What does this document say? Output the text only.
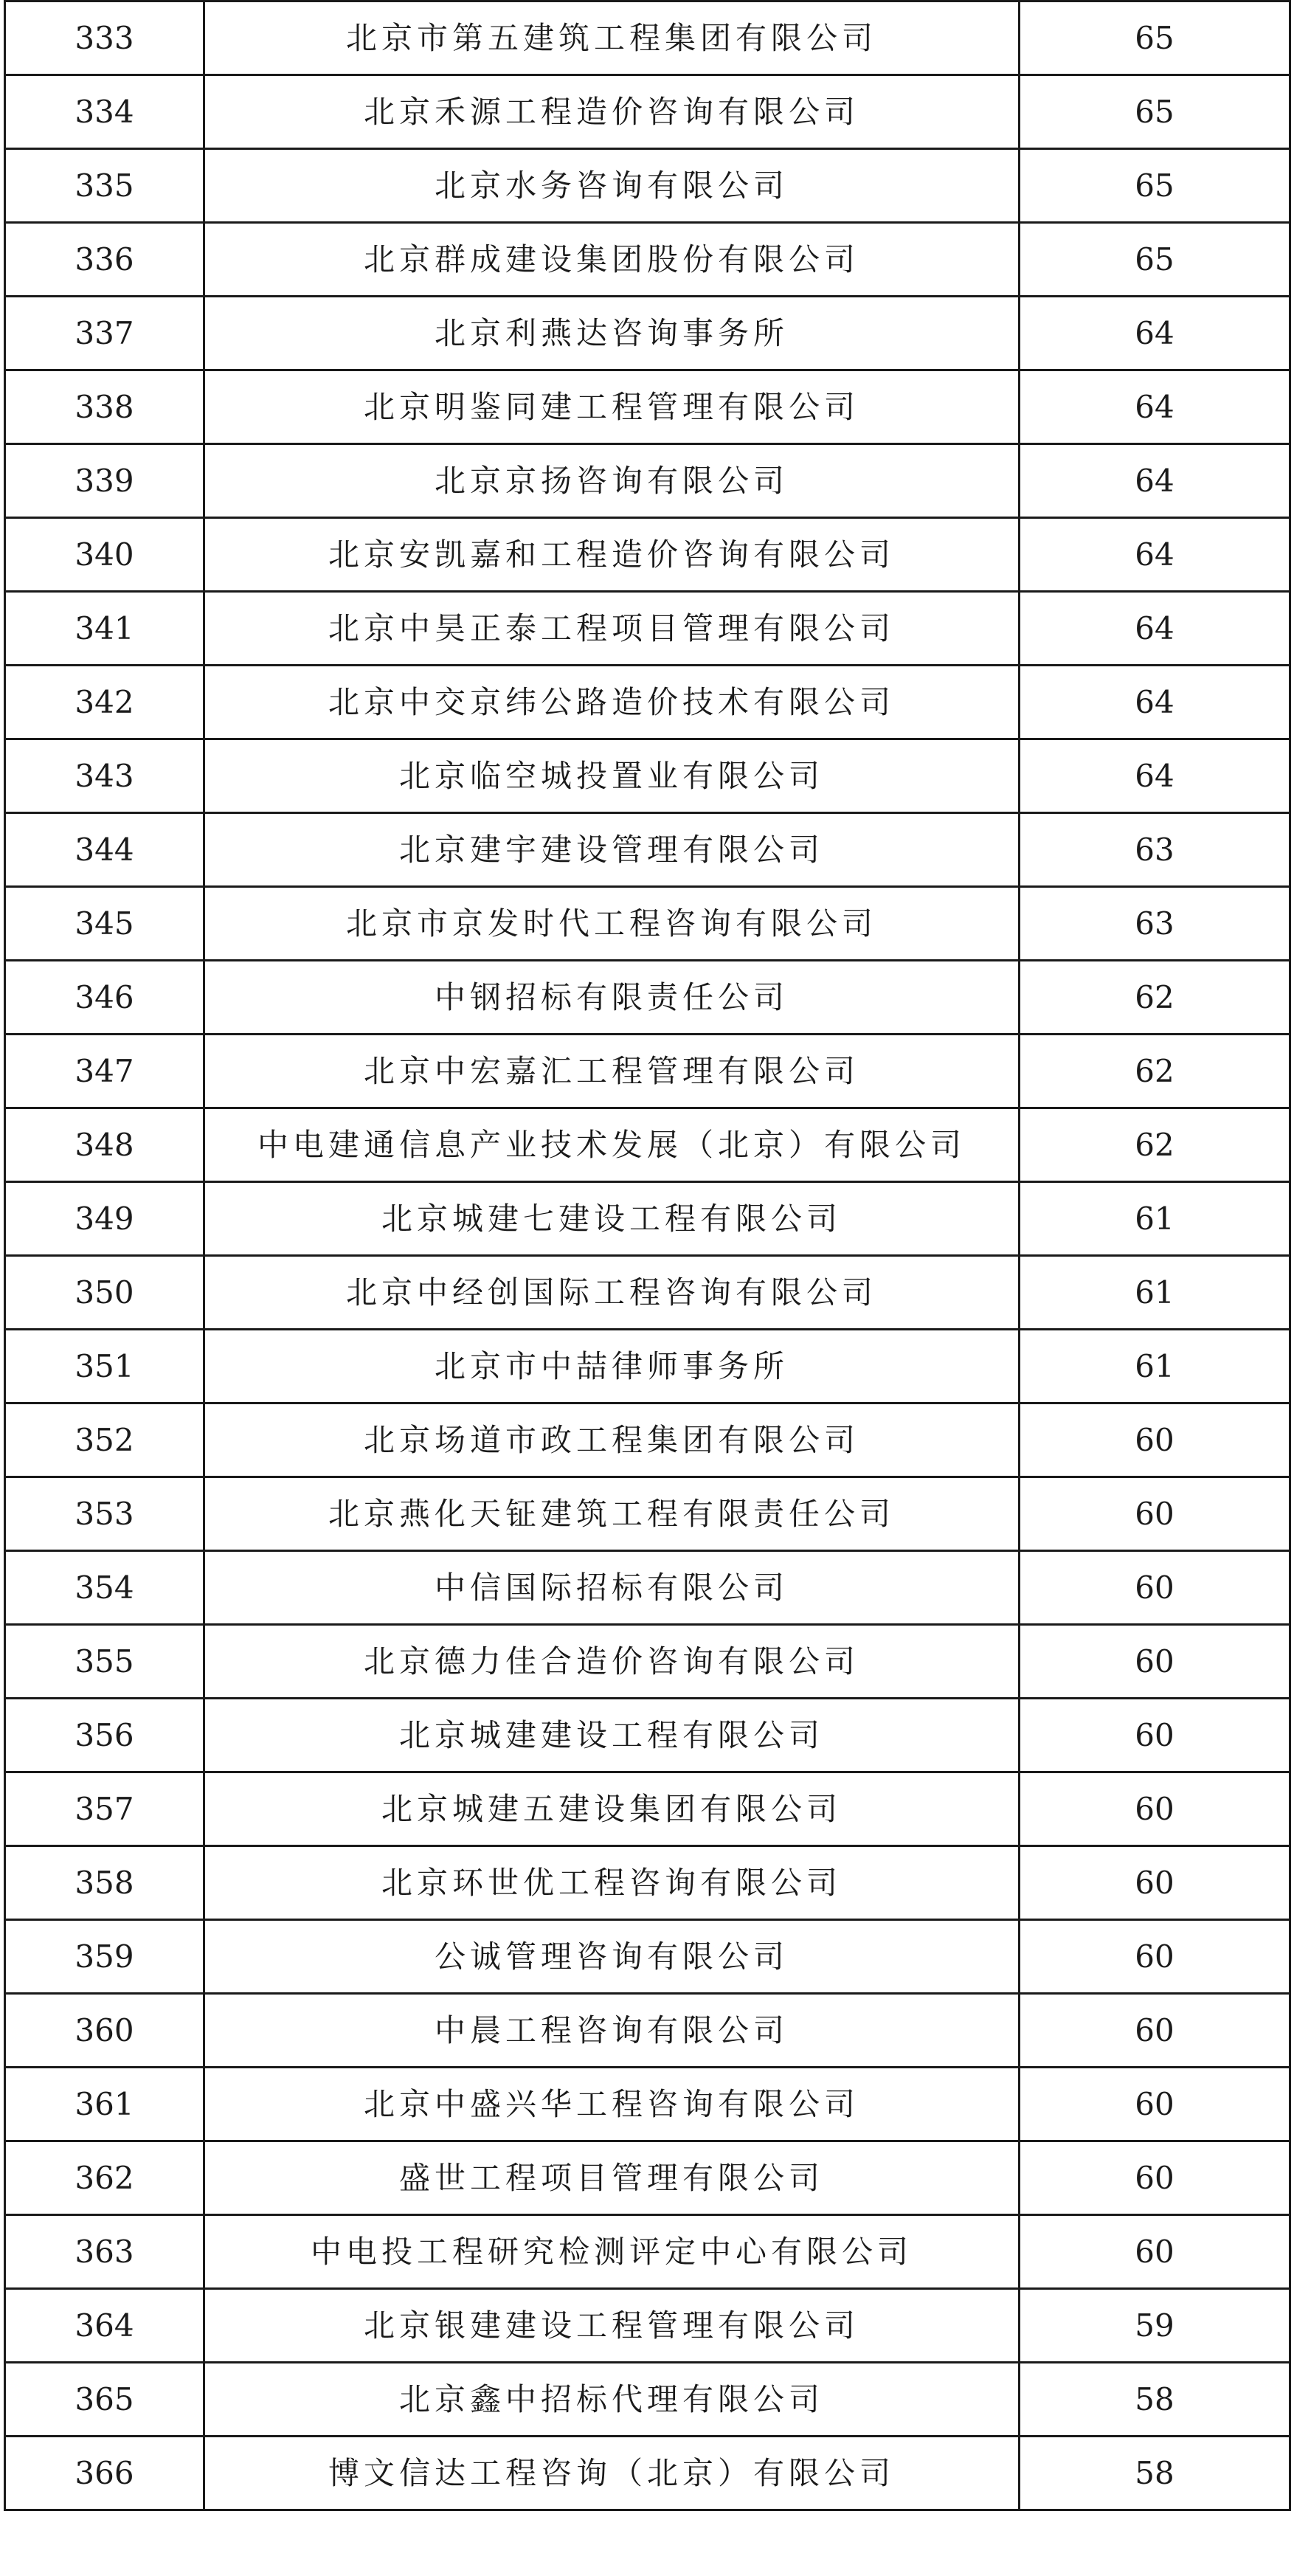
333	北京市第五建筑工程集团有限公司	65
334	北京禾源工程造价咨询有限公司	65
335	北京水务咨询有限公司	65
336	北京群成建设集团股份有限公司	65
337	北京利燕达咨询事务所	64
338	北京明鉴同建工程管理有限公司	64
339	北京京扬咨询有限公司	64
340	北京安凯嘉和工程造价咨询有限公司	64
341	北京中昊正泰工程项目管理有限公司	64
342	北京中交京纬公路造价技术有限公司	64
343	北京临空城投置业有限公司	64
344	北京建宇建设管理有限公司	63
345	北京市京发时代工程咨询有限公司	63
346	中钢招标有限责任公司	62
347	北京中宏嘉汇工程管理有限公司	62
348	中电建通信息产业技术发展（北京）有限公司	62
349	北京城建七建设工程有限公司	61
350	北京中经创国际工程咨询有限公司	61
351	北京市中喆律师事务所	61
352	北京场道市政工程集团有限公司	60
353	北京燕化天钲建筑工程有限责任公司	60
354	中信国际招标有限公司	60
355	北京德力佳合造价咨询有限公司	60
356	北京城建建设工程有限公司	60
357	北京城建五建设集团有限公司	60
358	北京环世优工程咨询有限公司	60
359	公诚管理咨询有限公司	60
360	中晨工程咨询有限公司	60
361	北京中盛兴华工程咨询有限公司	60
362	盛世工程项目管理有限公司	60
363	中电投工程研究检测评定中心有限公司	60
364	北京银建建设工程管理有限公司	59
365	北京鑫中招标代理有限公司	58
366	博文信达工程咨询（北京）有限公司	58
